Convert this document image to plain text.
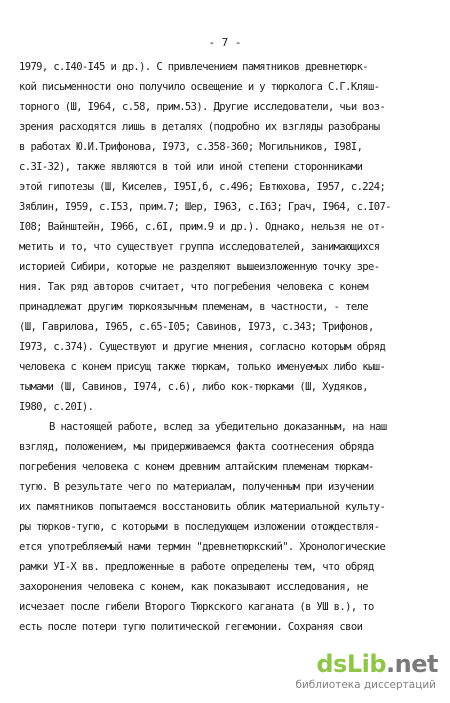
- 7 -
1979, с.I40-I45 и др.). С привлечением памятников древнетюрк-
кой письменности оно получило освещение и у тюрколога С.Г.Кляш-
торного (Ш, I964, с.58, прим.53). Другие исследователи, чьи воз-
зрения расходятся лишь в деталях (подробно их взгляды разобраны
в работах Ю.И.Трифонова, I973, с.358-360; Могильников, I98I,
с.3I-32), также являются в той или иной степени сторонниками
этой гипотезы (Ш, Киселев, I95I,б, с.496; Евтюхова, I957, с.224;
Зяблин, I959, с.I53, прим.7; Шер, I963, с.I63; Грач, I964, с.I07-
I08; Вайнштейн, I966, с.6I, прим.9 и др.). Однако, нельзя не от-
метить и то, что существует группа исследователей, занимающихся
историей Сибири, которые не разделяют вышеизложенную точку зре-
ния. Так ряд авторов считает, что погребения человека с конем
принадлежат другим тюркоязычным племенам, в частности, - теле
(Ш, Гаврилова, I965, с.65-I05; Савинов, I973, с.343; Трифонов,
I973, с.374). Существуют и другие мнения, согласно которым обряд
человека с конем присущ также тюркам, только именуемых либо кыш-
тымами (Ш, Савинов, I974, с.6), либо кок-тюрками (Ш, Худяков,
I980, с.20I).
В настоящей работе, вслед за убедительно доказанным, на наш
взгляд, положением, мы придерживаемся факта соотнесения обряда
погребения человека с конем древним алтайским племенам тюркам-
тугю. В результате чего по материалам, полученным при изучении
их памятников попытаемся восстановить облик материальной культу-
ры тюрков-тугю, с которыми в последующем изложении отождествля-
ется употребляемый нами термин "древнетюркский". Хронологические
рамки УI-Х вв. предложенные в работе определены тем, что обряд
захоронения человека с конем, как показывают исследования, не
исчезает после гибели Второго Тюркского каганата (в УШ в.), то
есть после потери тугю политической гегемонии. Сохраняя свои
dsLib.net
библиотека диссертаций
